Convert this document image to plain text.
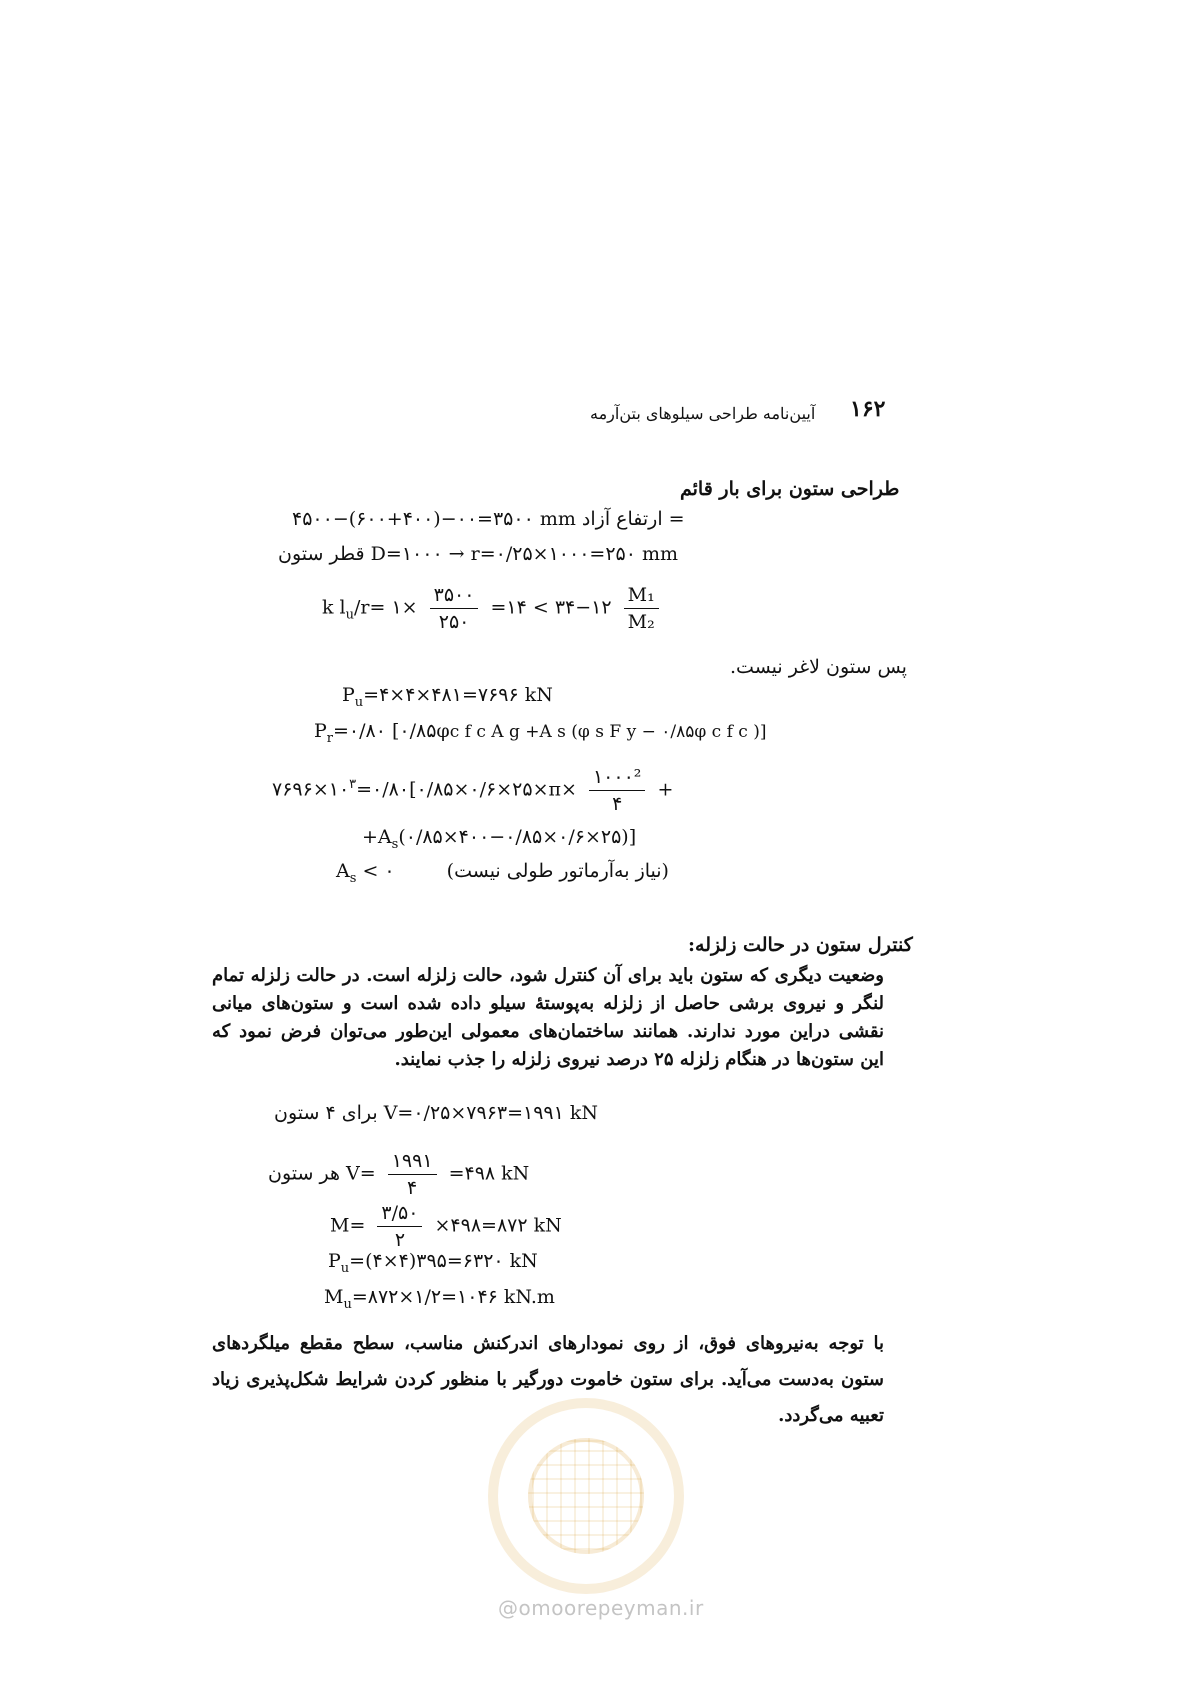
۱۶۲
آیین‌نامه طراحی سیلوهای بتن‌آرمه
طراحی ستون برای بار قائم
۴۵۰۰−(۶۰۰+۴۰۰)−۰۰=۳۵۰۰ mm = ارتفاع آزاد
قطر ستون D=۱۰۰۰ → r=۰/۲۵×۱۰۰۰=۲۵۰ mm
k $l_u/r=$ ۱× $\frac{۳۵۰۰}{۲۵۰}$ =۱۴ < ۳۴−۱۲ $\frac{\text{M₁}}{\text{M₂}}$
پس ستون لاغر نیست.
$P_u=۴\times ۴\times ۴۸۱=۷۶۹۶$ kN
$P_r=۰/۸۰$ [۰/۸۵φc f c A g +A s (φ s F y − ۰/۸۵φ c f c )]
$۷۶۹۶\times ۱۰^۳=۰/۸۰[۰/۸۵\times ۰/۶\times ۲۵\times\pi\times \frac{\text{۱۰۰۰²}}{۴}$ +
$+A_s(۰/۸۵\times ۴۰۰-۰/۸۵\times ۰/۶\times ۲۵)$]
$A_s$ < ۰	(نیاز به‌آرماتور طولی نیست)
کنترل ستون در حالت زلزله:
وضعیت دیگری که ستون باید برای آن کنترل شود، حالت زلزله است. در حالت زلزله تمام لنگر و نیروی برشی حاصل از زلزله به‌پوستهٔ سیلو داده شده است و ستون‌های میانی نقشی دراین مورد ندارند. همانند ساختمان‌های معمولی این‌طور می‌توان فرض نمود که این ستون‌ها در هنگام زلزله ۲۵ درصد نیروی زلزله را جذب نمایند.
برای ۴ ستون V=۰/۲۵×۷۹۶۳=۱۹۹۱ kN
هر ستون $V= \frac{۱۹۹۱}{۴}$ =۴۹۸ kN
$M= \frac{۳/۵۰}{۲}$ ×۴۹۸=۸۷۲ kN
$P_u=(۴\times ۴)۳۹۵=۶۳۲۰$ kN
$M_u=۸۷۲\times ۱/۲=۱۰۴۶$ kN.m
با توجه به‌نیروهای فوق، از روی نمودارهای اندرکنش مناسب، سطح مقطع میلگردهای ستون به‌دست می‌آید. برای ستون خاموت دورگیر با منظور کردن شرایط شکل‌پذیری زیاد تعبیه می‌گردد.
@omoorepeyman.ir
